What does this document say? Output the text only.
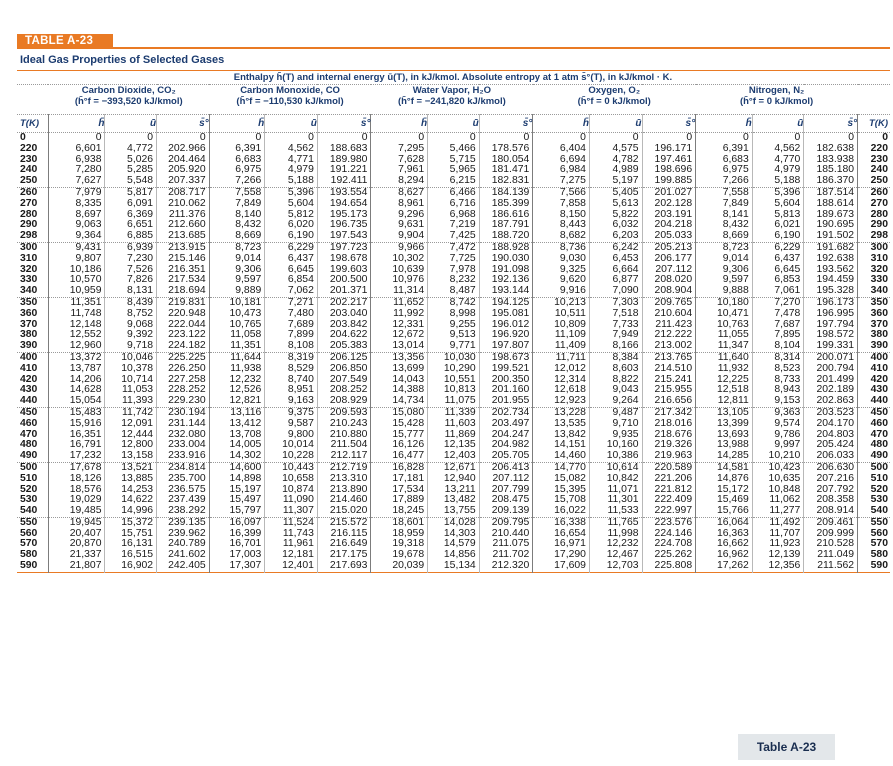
TABLE A-23
Ideal Gas Properties of Selected Gases
	Enthalpy h̄(T) and internal energy ū(T), in kJ/kmol. Absolute entropy at 1 atm s̄°(T), in kJ/kmol · K.															

	Carbon Dioxide, CO₂
(h̄°f = −393,520 kJ/kmol)			Carbon Monoxide, CO
(h̄°f = −110,530 kJ/kmol)			Water Vapor, H₂O
(h̄°f = −241,820 kJ/kmol)			Oxygen, O₂
(h̄°f = 0 kJ/kmol)			Nitrogen, N₂
(h̄°f = 0 kJ/kmol)			

T(K)	h̄	ū	s̄°	h̄	ū	s̄°	h̄	ū	s̄°	h̄	ū	s̄°	h̄	ū	s̄°	T(K)
0	0	0	0	0	0	0	0	0	0	0	0	0	0	0	0	0
220	6,601	4,772	202.966	6,391	4,562	188.683	7,295	5,466	178.576	6,404	4,575	196.171	6,391	4,562	182.638	220
230	6,938	5,026	204.464	6,683	4,771	189.980	7,628	5,715	180.054	6,694	4,782	197.461	6,683	4,770	183.938	230
240	7,280	5,285	205.920	6,975	4,979	191.221	7,961	5,965	181.471	6,984	4,989	198.696	6,975	4,979	185.180	240
250	7,627	5,548	207.337	7,266	5,188	192.411	8,294	6,215	182.831	7,275	5,197	199.885	7,266	5,188	186.370	250
260	7,979	5,817	208.717	7,558	5,396	193.554	8,627	6,466	184.139	7,566	5,405	201.027	7,558	5,396	187.514	260
270	8,335	6,091	210.062	7,849	5,604	194.654	8,961	6,716	185.399	7,858	5,613	202.128	7,849	5,604	188.614	270
280	8,697	6,369	211.376	8,140	5,812	195.173	9,296	6,968	186.616	8,150	5,822	203.191	8,141	5,813	189.673	280
290	9,063	6,651	212.660	8,432	6,020	196.735	9,631	7,219	187.791	8,443	6,032	204.218	8,432	6,021	190.695	290
298	9,364	6,885	213.685	8,669	6,190	197.543	9,904	7,425	188.720	8,682	6,203	205.033	8,669	6,190	191.502	298
300	9,431	6,939	213.915	8,723	6,229	197.723	9,966	7,472	188.928	8,736	6,242	205.213	8,723	6,229	191.682	300
310	9,807	7,230	215.146	9,014	6,437	198.678	10,302	7,725	190.030	9,030	6,453	206.177	9,014	6,437	192.638	310
320	10,186	7,526	216.351	9,306	6,645	199.603	10,639	7,978	191.098	9,325	6,664	207.112	9,306	6,645	193.562	320
330	10,570	7,826	217.534	9,597	6,854	200.500	10,976	8,232	192.136	9,620	6,877	208.020	9,597	6,853	194.459	330
340	10,959	8,131	218.694	9,889	7,062	201.371	11,314	8,487	193.144	9,916	7,090	208.904	9,888	7,061	195.328	340
350	11,351	8,439	219.831	10,181	7,271	202.217	11,652	8,742	194.125	10,213	7,303	209.765	10,180	7,270	196.173	350
360	11,748	8,752	220.948	10,473	7,480	203.040	11,992	8,998	195.081	10,511	7,518	210.604	10,471	7,478	196.995	360
370	12,148	9,068	222.044	10,765	7,689	203.842	12,331	9,255	196.012	10,809	7,733	211.423	10,763	7,687	197.794	370
380	12,552	9,392	223.122	11,058	7,899	204.622	12,672	9,513	196.920	11,109	7,949	212.222	11,055	7,895	198.572	380
390	12,960	9,718	224.182	11,351	8,108	205.383	13,014	9,771	197.807	11,409	8,166	213.002	11,347	8,104	199.331	390
400	13,372	10,046	225.225	11,644	8,319	206.125	13,356	10,030	198.673	11,711	8,384	213.765	11,640	8,314	200.071	400
410	13,787	10,378	226.250	11,938	8,529	206.850	13,699	10,290	199.521	12,012	8,603	214.510	11,932	8,523	200.794	410
420	14,206	10,714	227.258	12,232	8,740	207.549	14,043	10,551	200.350	12,314	8,822	215.241	12,225	8,733	201.499	420
430	14,628	11,053	228.252	12,526	8,951	208.252	14,388	10,813	201.160	12,618	9,043	215.955	12,518	8,943	202.189	430
440	15,054	11,393	229.230	12,821	9,163	208.929	14,734	11,075	201.955	12,923	9,264	216.656	12,811	9,153	202.863	440
450	15,483	11,742	230.194	13,116	9,375	209.593	15,080	11,339	202.734	13,228	9,487	217.342	13,105	9,363	203.523	450
460	15,916	12,091	231.144	13,412	9,587	210.243	15,428	11,603	203.497	13,535	9,710	218.016	13,399	9,574	204.170	460
470	16,351	12,444	232.080	13,708	9,800	210.880	15,777	11,869	204.247	13,842	9,935	218.676	13,693	9,786	204.803	470
480	16,791	12,800	233.004	14,005	10,014	211.504	16,126	12,135	204.982	14,151	10,160	219.326	13,988	9,997	205.424	480
490	17,232	13,158	233.916	14,302	10,228	212.117	16,477	12,403	205.705	14,460	10,386	219.963	14,285	10,210	206.033	490
500	17,678	13,521	234.814	14,600	10,443	212.719	16,828	12,671	206.413	14,770	10,614	220.589	14,581	10,423	206.630	500
510	18,126	13,885	235.700	14,898	10,658	213.310	17,181	12,940	207.112	15,082	10,842	221.206	14,876	10,635	207.216	510
520	18,576	14,253	236.575	15,197	10,874	213.890	17,534	13,211	207.799	15,395	11,071	221.812	15,172	10,848	207.792	520
530	19,029	14,622	237.439	15,497	11,090	214.460	17,889	13,482	208.475	15,708	11,301	222.409	15,469	11,062	208.358	530
540	19,485	14,996	238.292	15,797	11,307	215.020	18,245	13,755	209.139	16,022	11,533	222.997	15,766	11,277	208.914	540
550	19,945	15,372	239.135	16,097	11,524	215.572	18,601	14,028	209.795	16,338	11,765	223.576	16,064	11,492	209.461	550
560	20,407	15,751	239.962	16,399	11,743	216.115	18,959	14,303	210.440	16,654	11,998	224.146	16,363	11,707	209.999	560
570	20,870	16,131	240.789	16,701	11,961	216.649	19,318	14,579	211.075	16,971	12,232	224.708	16,662	11,923	210.528	570
580	21,337	16,515	241.602	17,003	12,181	217.175	19,678	14,856	211.702	17,290	12,467	225.262	16,962	12,139	211.049	580
590	21,807	16,902	242.405	17,307	12,401	217.693	20,039	15,134	212.320	17,609	12,703	225.808	17,262	12,356	211.562	590
Table A-23
